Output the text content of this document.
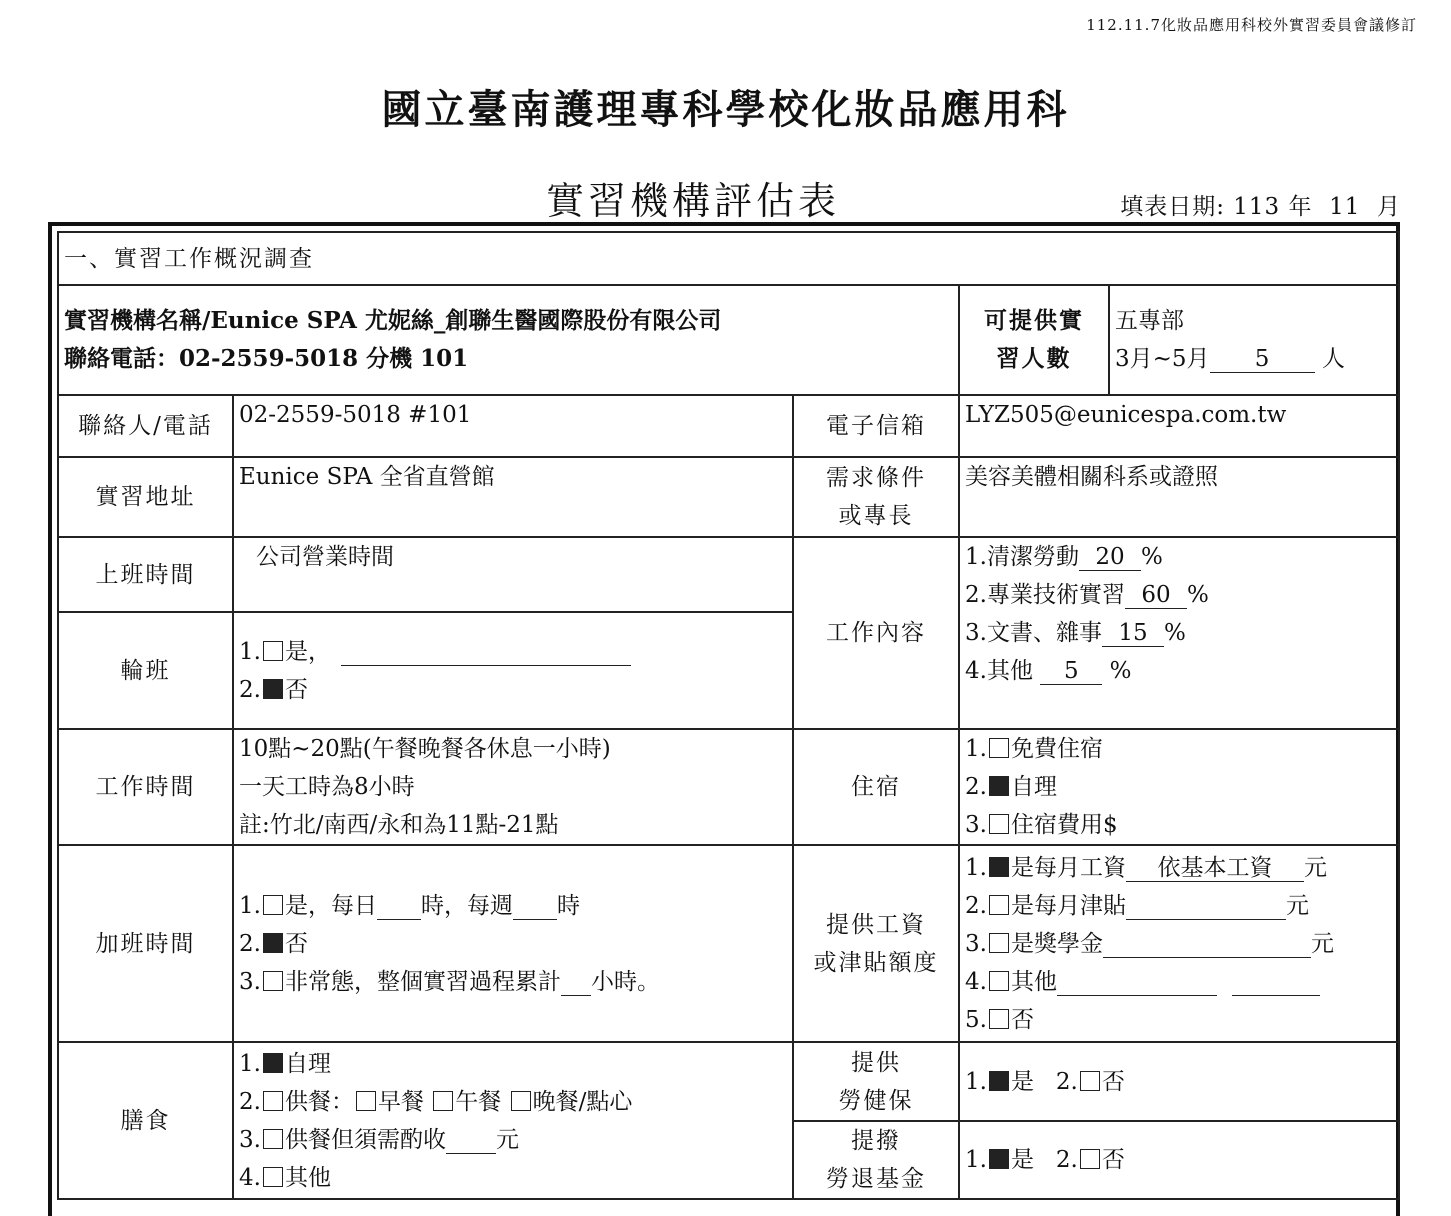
112.11.7化妝品應用科校外實習委員會議修訂
國立臺南護理專科學校化妝品應用科
實習機構評估表	填表日期: 113 年 11 月
一、實習工作概況調查				

實習機構名稱/Eunice SPA 尤妮絲_創聯生醫國際股份有限公司
聯絡電話：02-2559-5018 分機 101			可提供實
習人數	五專部
3月~5月 5 人

聯絡人/電話	02-2559-5018 #101	電子信箱	LYZ505@eunicespa.com.tw	
實習地址	Eunice SPA 全省直營館	需求條件
或專長	美容美體相關科系或證照	
上班時間	公司營業時間	工作內容	1.清潔勞動 20 %
2.專業技術實習 60 %
3.文書、雜事 15 %
4.其他 5 %	

輪班	1. 是，
2. 否			

工作時間	10點~20點(午餐晚餐各休息一小時)
一天工時為8小時
註:竹北/南西/永和為11點-21點	住宿	1. 免費住宿
2. 自理
3. 住宿費用$	

加班時間	1. 是，每日 時，每週 時
2. 否
3. 非常態，整個實習過程累計 小時。	提供工資
或津貼額度	1. 是每月工資 依基本工資 元
2. 是每月津貼 元
3. 是獎學金 元
4. 其他
5. 否	

膳食	1. 自理
2. 供餐： 早餐 午餐 晚餐/點心
3. 供餐但須需酌收 元
4. 其他	提供
勞健保	1. 是 2. 否	

		提撥
勞退基金	1. 是 2. 否	
